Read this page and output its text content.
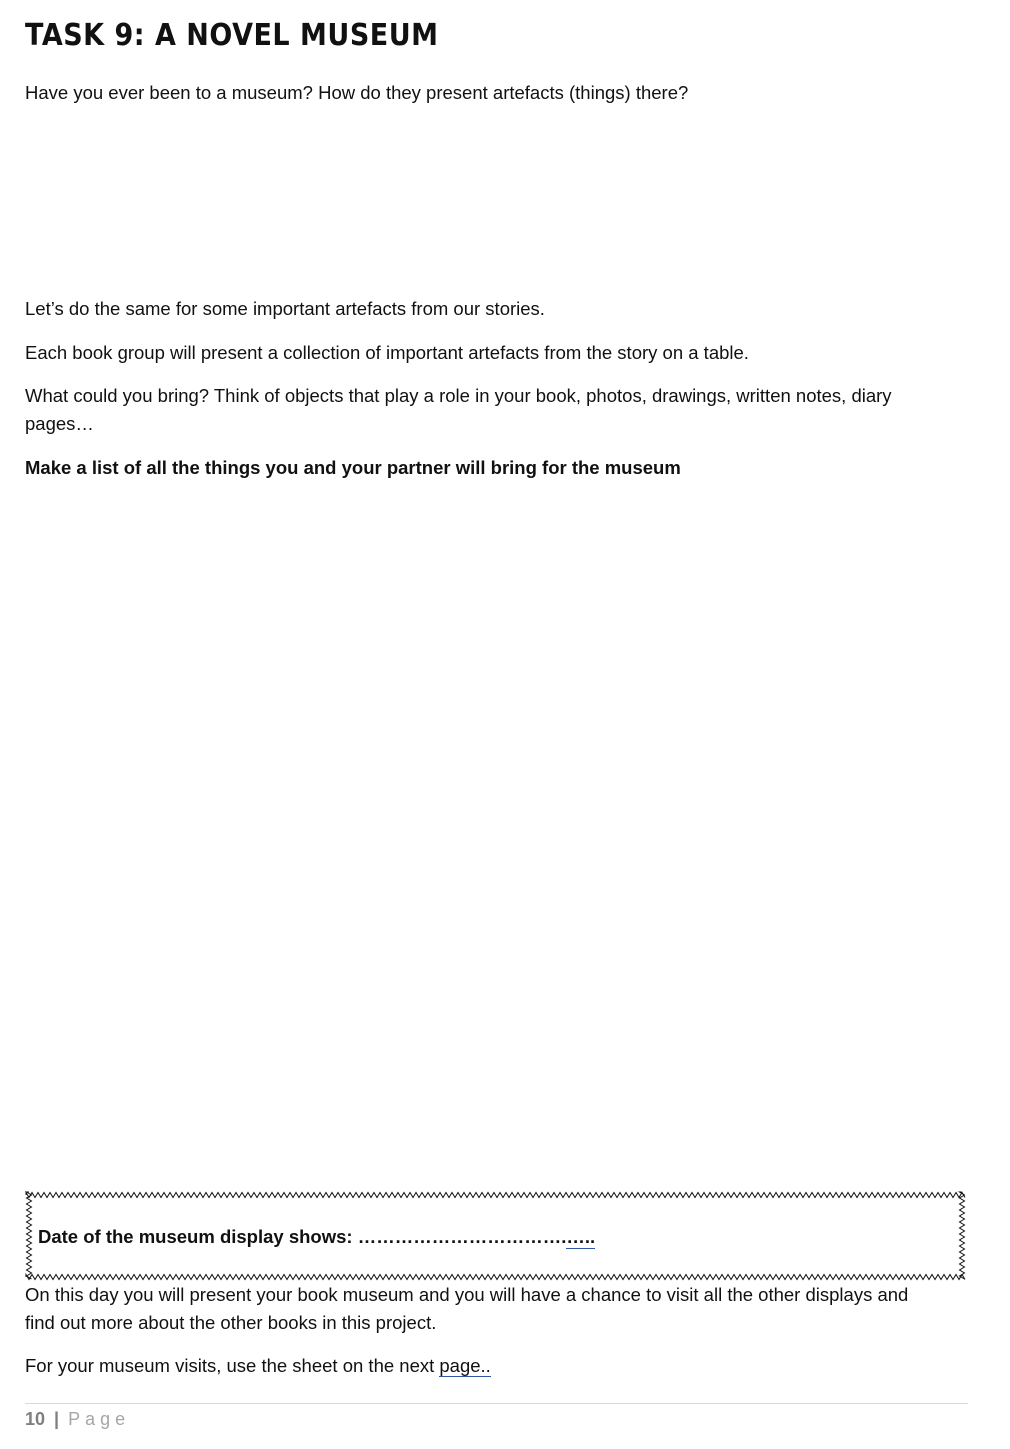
TASK 9: A NOVEL MUSEUM

Have you ever been to a museum? How do they present artefacts (things) there?

Let’s do the same for some important artefacts from our stories.

Each book group will present a collection of important artefacts from the story on a table.

What could you bring? Think of objects that play a role in your book, photos, drawings, written notes, diary

pages…

Make a list of all the things you and your partner will bring for the museum

Date of the museum display shows: …………………………….…..

On this day you will present your book museum and you will have a chance to visit all the other displays and

find out more about the other books in this project.

For your museum visits, use the sheet on the next page..

10 | Page
